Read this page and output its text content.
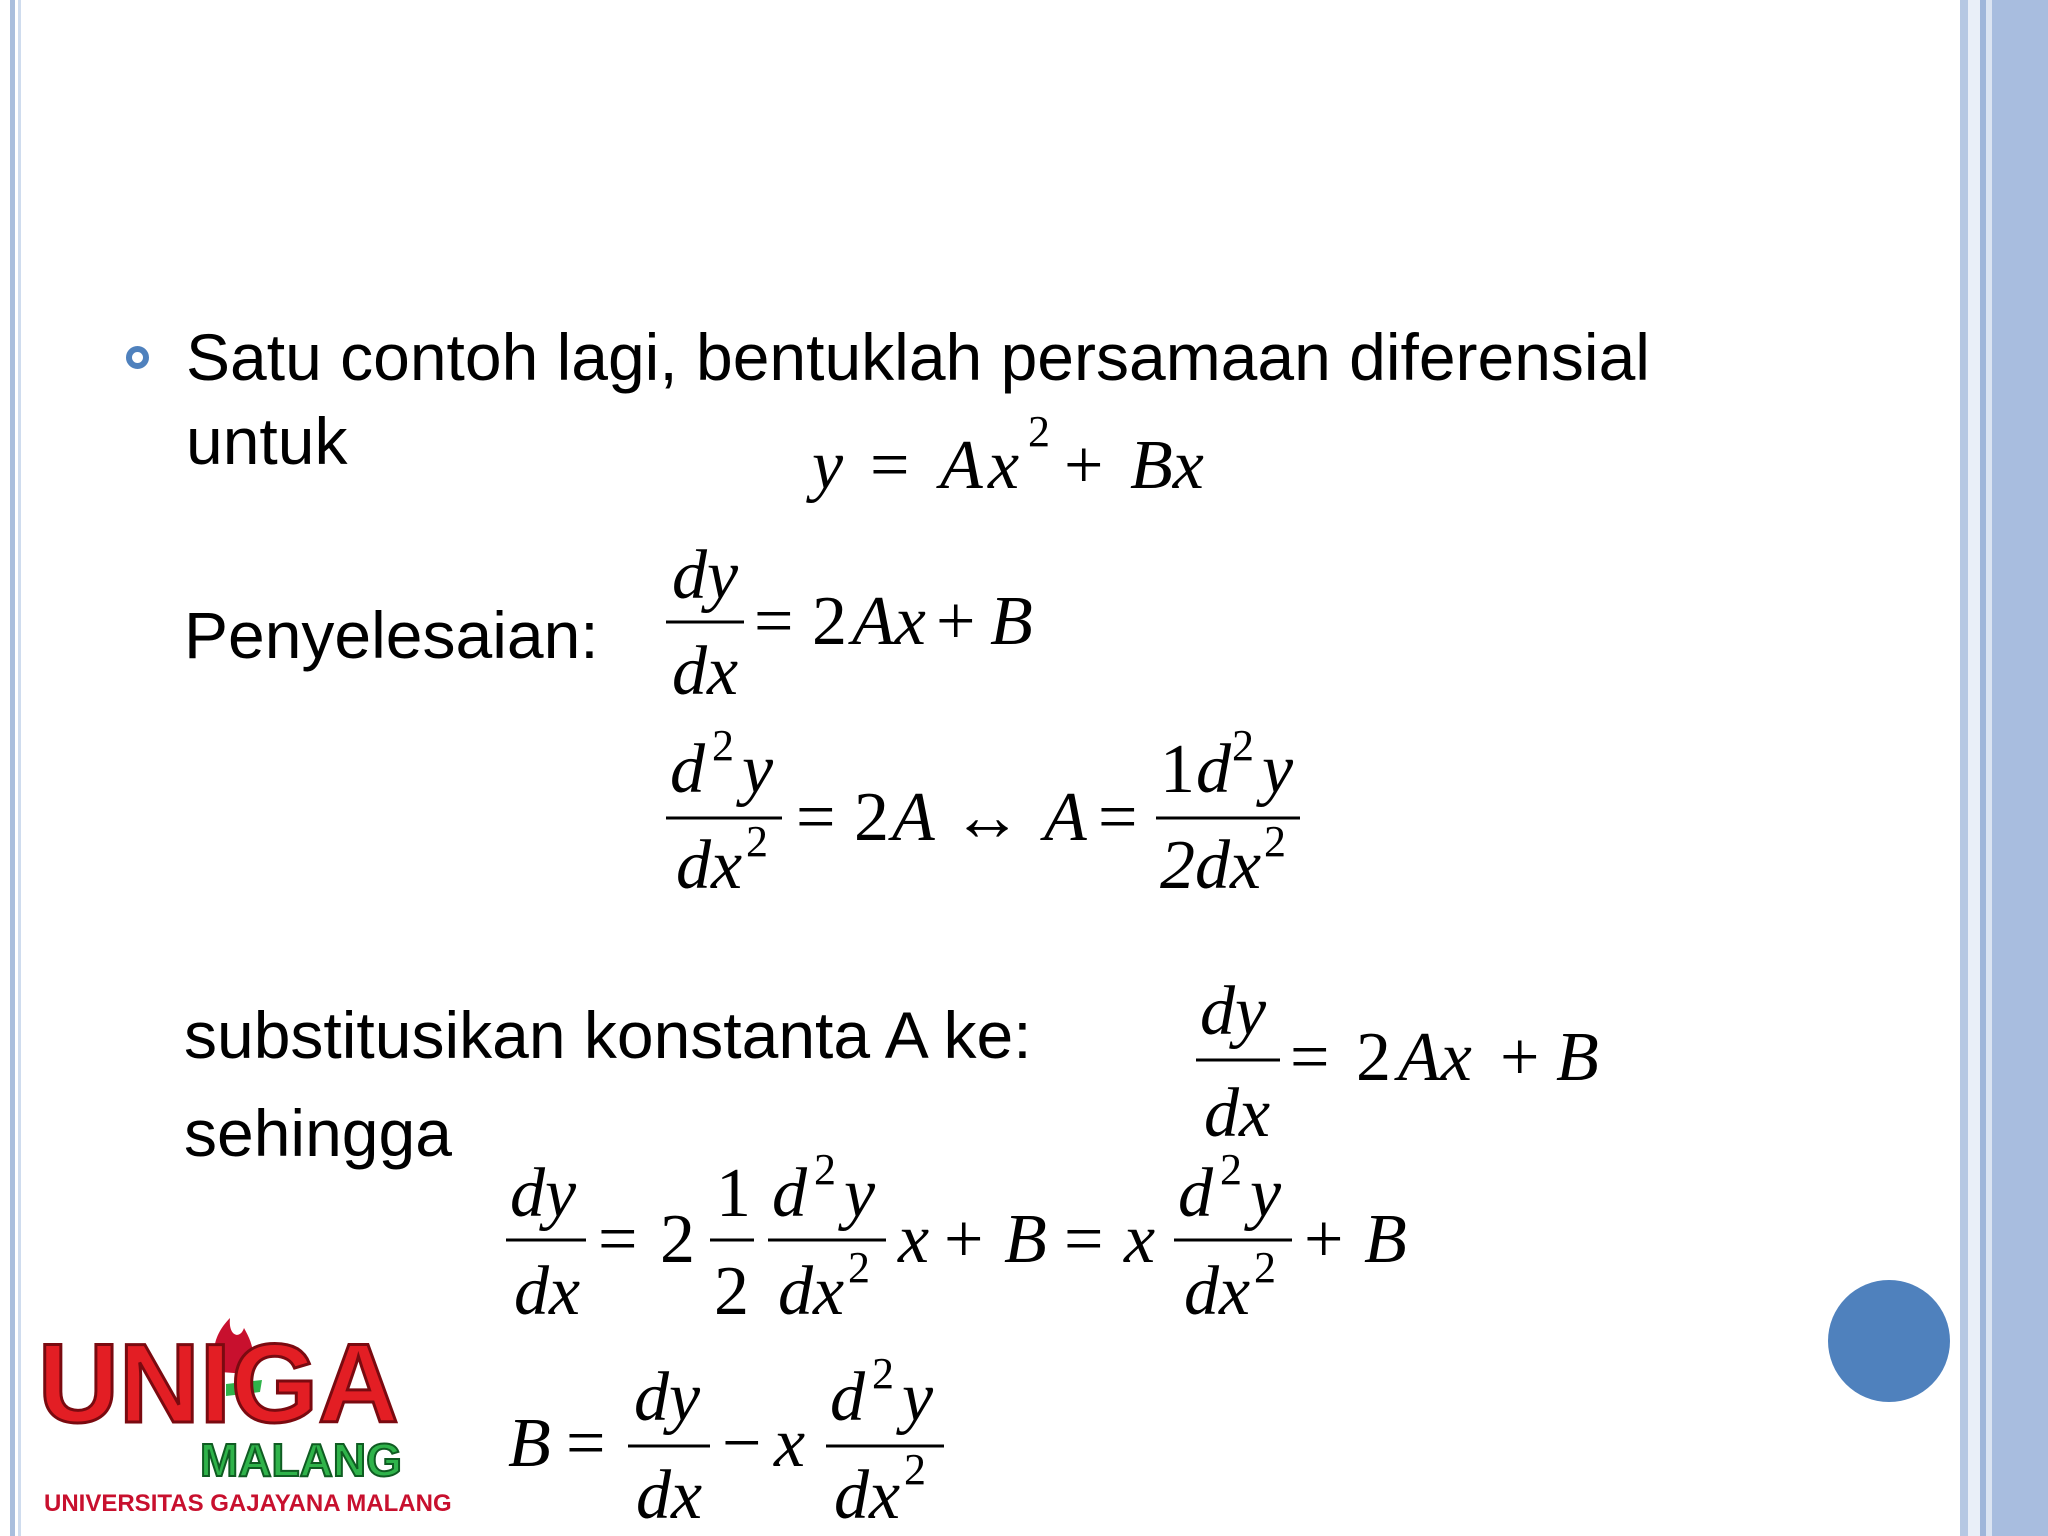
Satu contoh lagi, bentuklah persamaan diferensial
untuk
Penyelesaian:
substitusikan konstanta A ke:
sehingga
y = A x 2 + Bx
dy
dx
= 2 Ax + B
d 2 y
dx 2 = 2 A ↔ A =
1 d 2 y
2dx 2
dy
dx
= 2 Ax + B
dy
dx
= 2
1
2
d 2 y
dx 2 x + B = x
d 2 y
dx 2 + B
B =
dy
dx
− x
d 2 y
dx 2
UNIGA
MALANG
UNIVERSITAS GAJAYANA MALANG
